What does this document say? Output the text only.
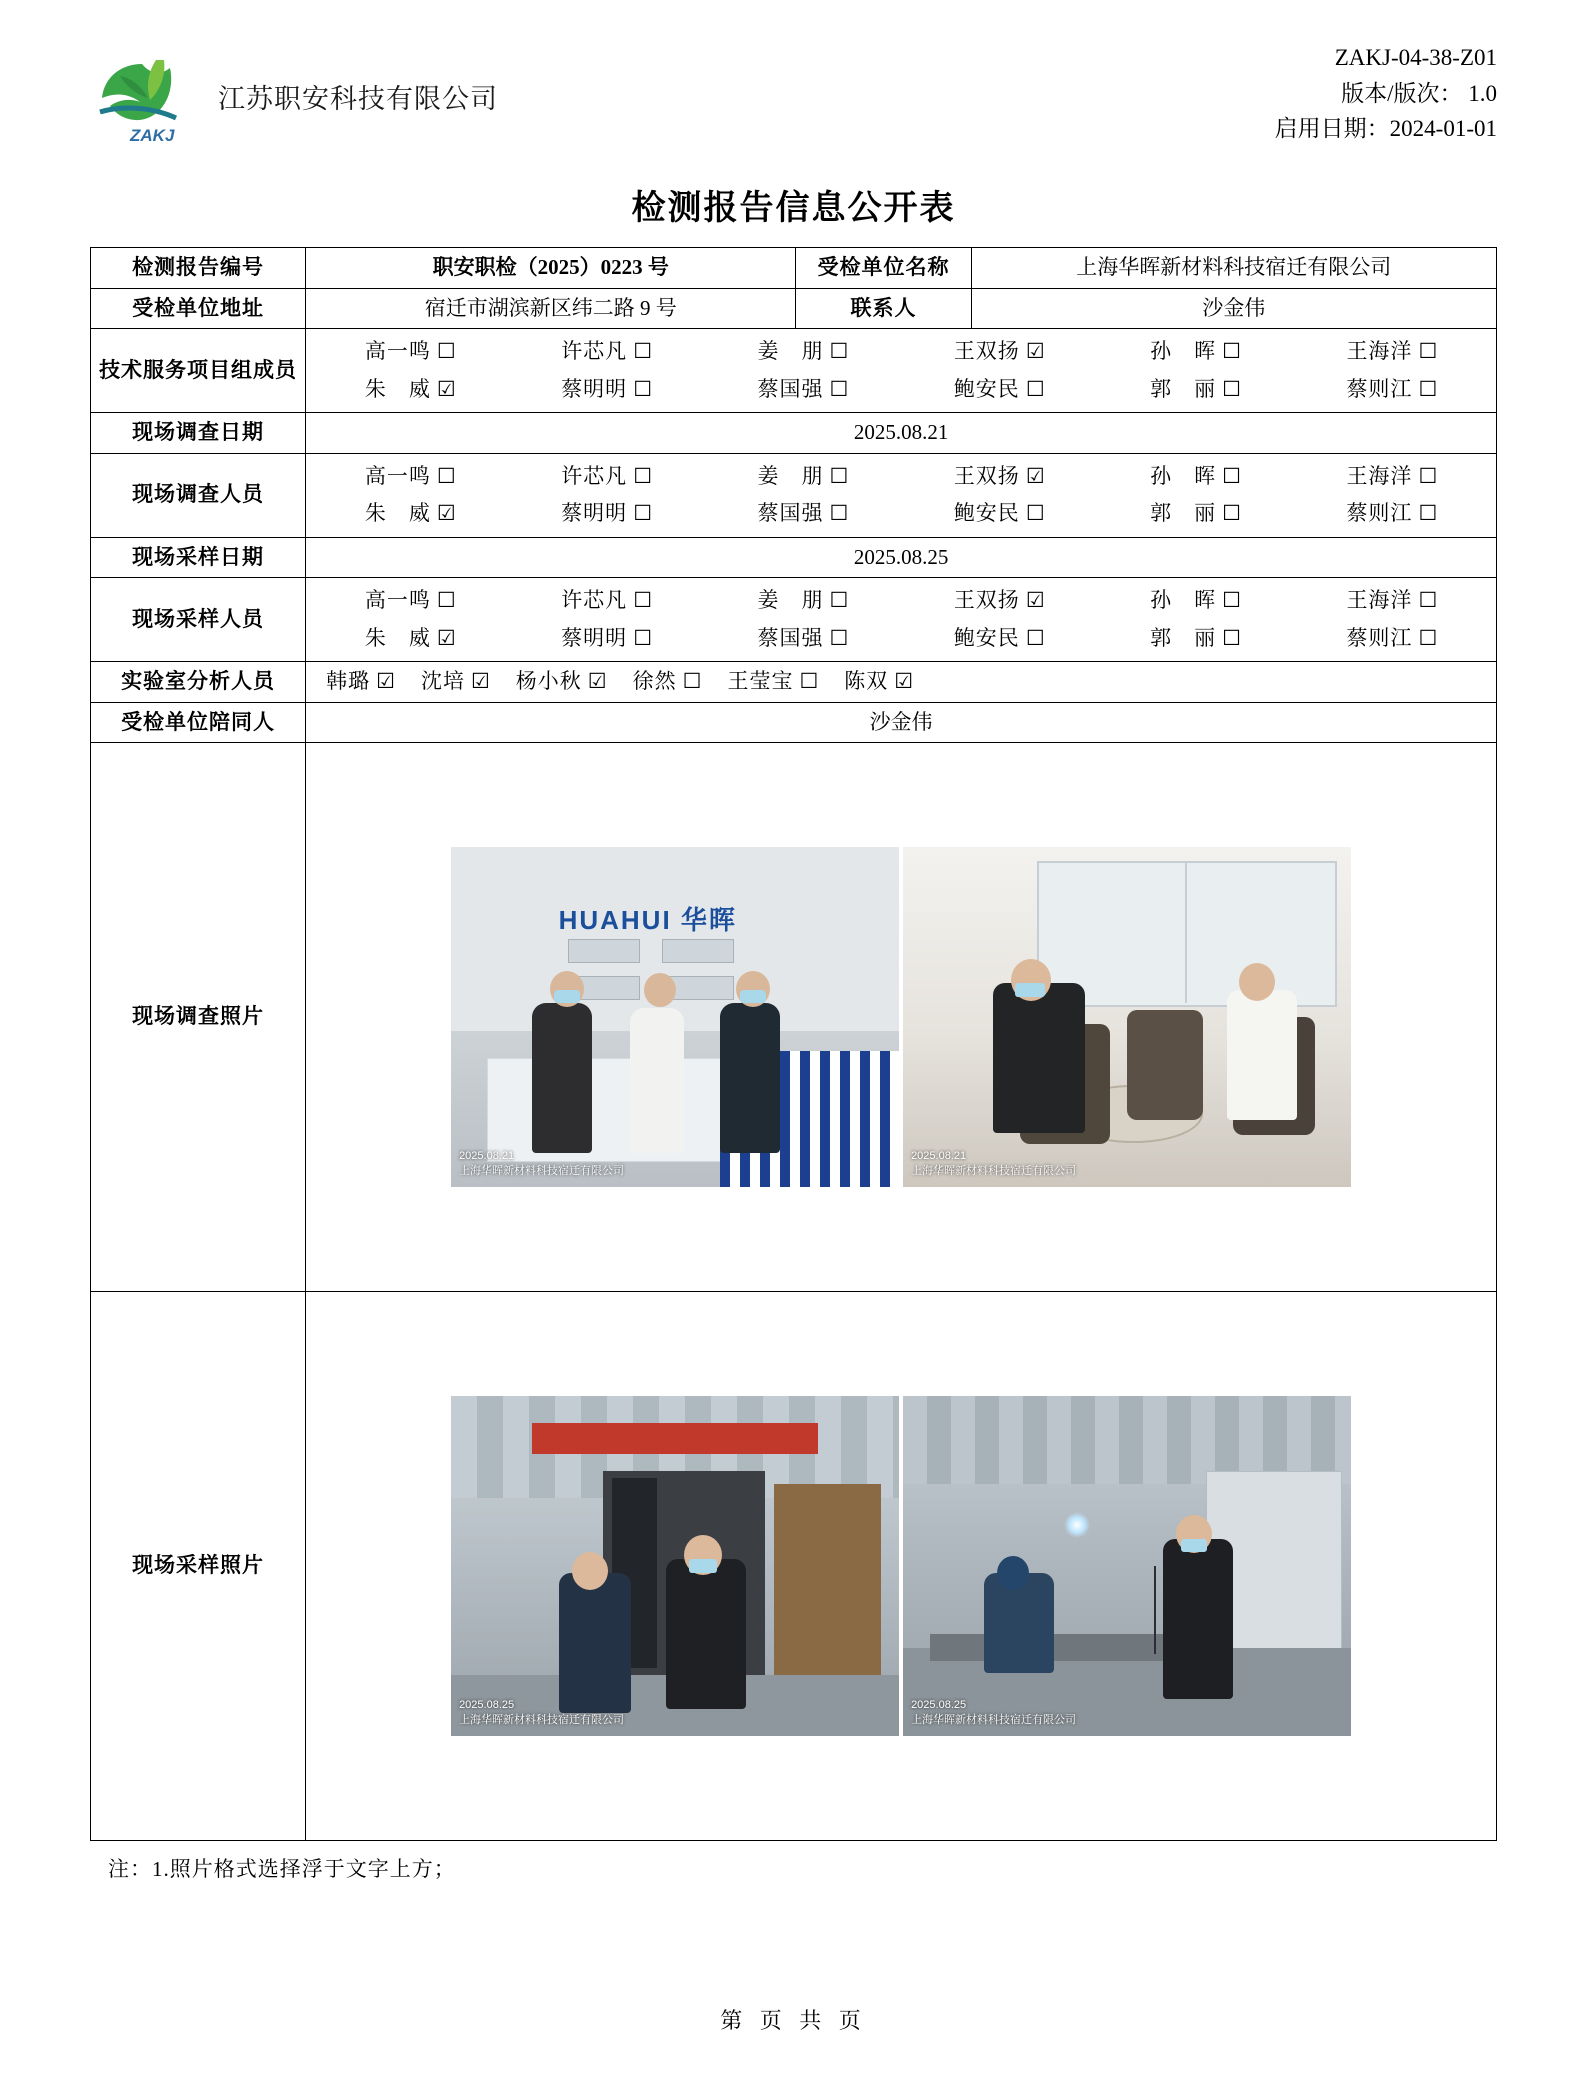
ZAKJ
江苏职安科技有限公司
ZAKJ-04-38-Z01
版本/版次： 1.0
启用日期：2024-01-01
检测报告信息公开表
检测报告编号	职安职检（2025）0223 号	受检单位名称	上海华晖新材料科技宿迁有限公司
受检单位地址	宿迁市湖滨新区纬二路 9 号	联系人	沙金伟
技术服务项目组成员	
高一鸣 ☐	许芯凡 ☐	姜　朋 ☐	王双扬 ☑	孙　晖 ☐	王海洋 ☐
朱　威 ☑	蔡明明 ☐	蔡国强 ☐	鲍安民 ☐	郭　丽 ☐	蔡则江 ☐

现场调查日期	2025.08.21		
现场调查人员	
高一鸣 ☐	许芯凡 ☐	姜　朋 ☐	王双扬 ☑	孙　晖 ☐	王海洋 ☐
朱　威 ☑	蔡明明 ☐	蔡国强 ☐	鲍安民 ☐	郭　丽 ☐	蔡则江 ☐

现场采样日期	2025.08.25		
现场采样人员	
高一鸣 ☐	许芯凡 ☐	姜　朋 ☐	王双扬 ☑	孙　晖 ☐	王海洋 ☐
朱　威 ☑	蔡明明 ☐	蔡国强 ☐	鲍安民 ☐	郭　丽 ☐	蔡则江 ☐

实验室分析人员	韩璐 ☑ 沈培 ☑ 杨小秋 ☑ 徐然 ☐ 王莹宝 ☐ 陈双 ☑

受检单位陪同人	沙金伟		
现场调查照片	HUAHUI 华晖
2025.08.21
上海华晖新材料科技宿迁有限公司
2025.08.21
上海华晖新材料科技宿迁有限公司		

现场采样照片	2025.08.25
上海华晖新材料科技宿迁有限公司
2025.08.25
上海华晖新材料科技宿迁有限公司		
注：1.照片格式选择浮于文字上方；
第 页 共 页
